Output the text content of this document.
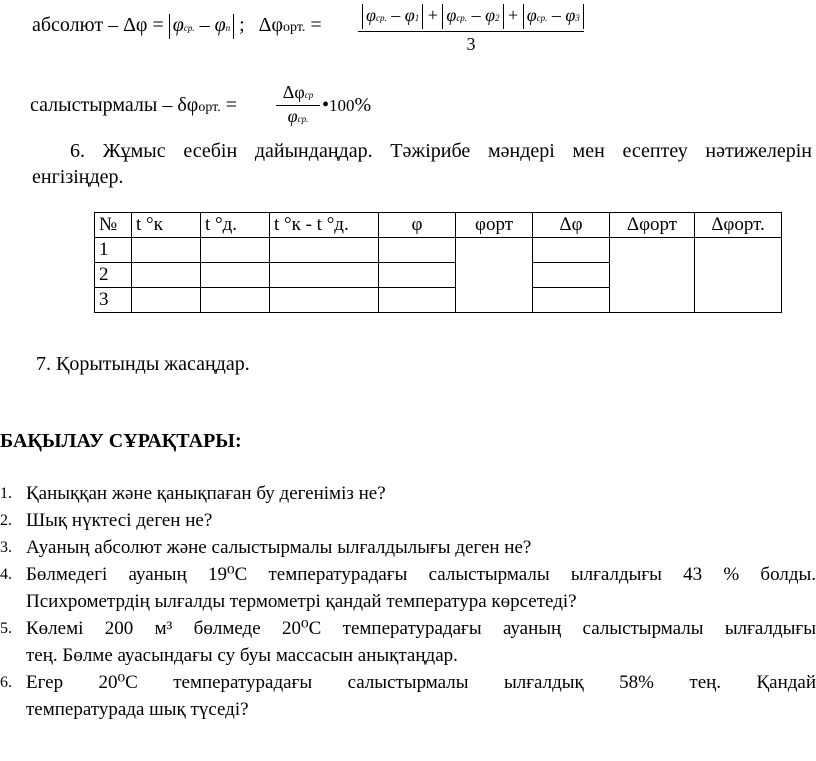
абсолют – Δφ = φср. – φn ; Δφорт. =	φср. – φ1 + φср. – φ2 + φср. – φ3
3
салыстырмалы – δφорт. =
Δφср
φср.
•100%
6. Жұмыс есебін дайындаңдар. Тәжірибе мәндері мен есептеу нәтижелерін
енгізіңдер.
№	t °к	t °д.	t °к - t °д.	φ	φорт	Δφ	Δφорт	Δφорт.
1								
2								
3								
7. Қорытынды жасаңдар.
БАҚЫЛАУ СҰРАҚТАРЫ:
1. Қаныққан және қанықпаған бу дегеніміз не?
2. Шық нүктесі деген не?
3. Ауаның абсолют және салыстырмалы ылғалдылығы деген не?
4. Бөлмедегі ауаның 19⁰С температурадағы салыстырмалы ылғалдығы 43 % болды.
Психрометрдің ылғалды термометрі қандай температура көрсетеді?
5. Көлемі 200 м³ бөлмеде 20⁰С температурадағы ауаның салыстырмалы ылғалдығы
тең. Бөлме ауасындағы су буы массасын анықтаңдар.
6. Егер 20⁰С температурадағы салыстырмалы ылғалдық 58% тең. Қандай
температурада шық түседі?
